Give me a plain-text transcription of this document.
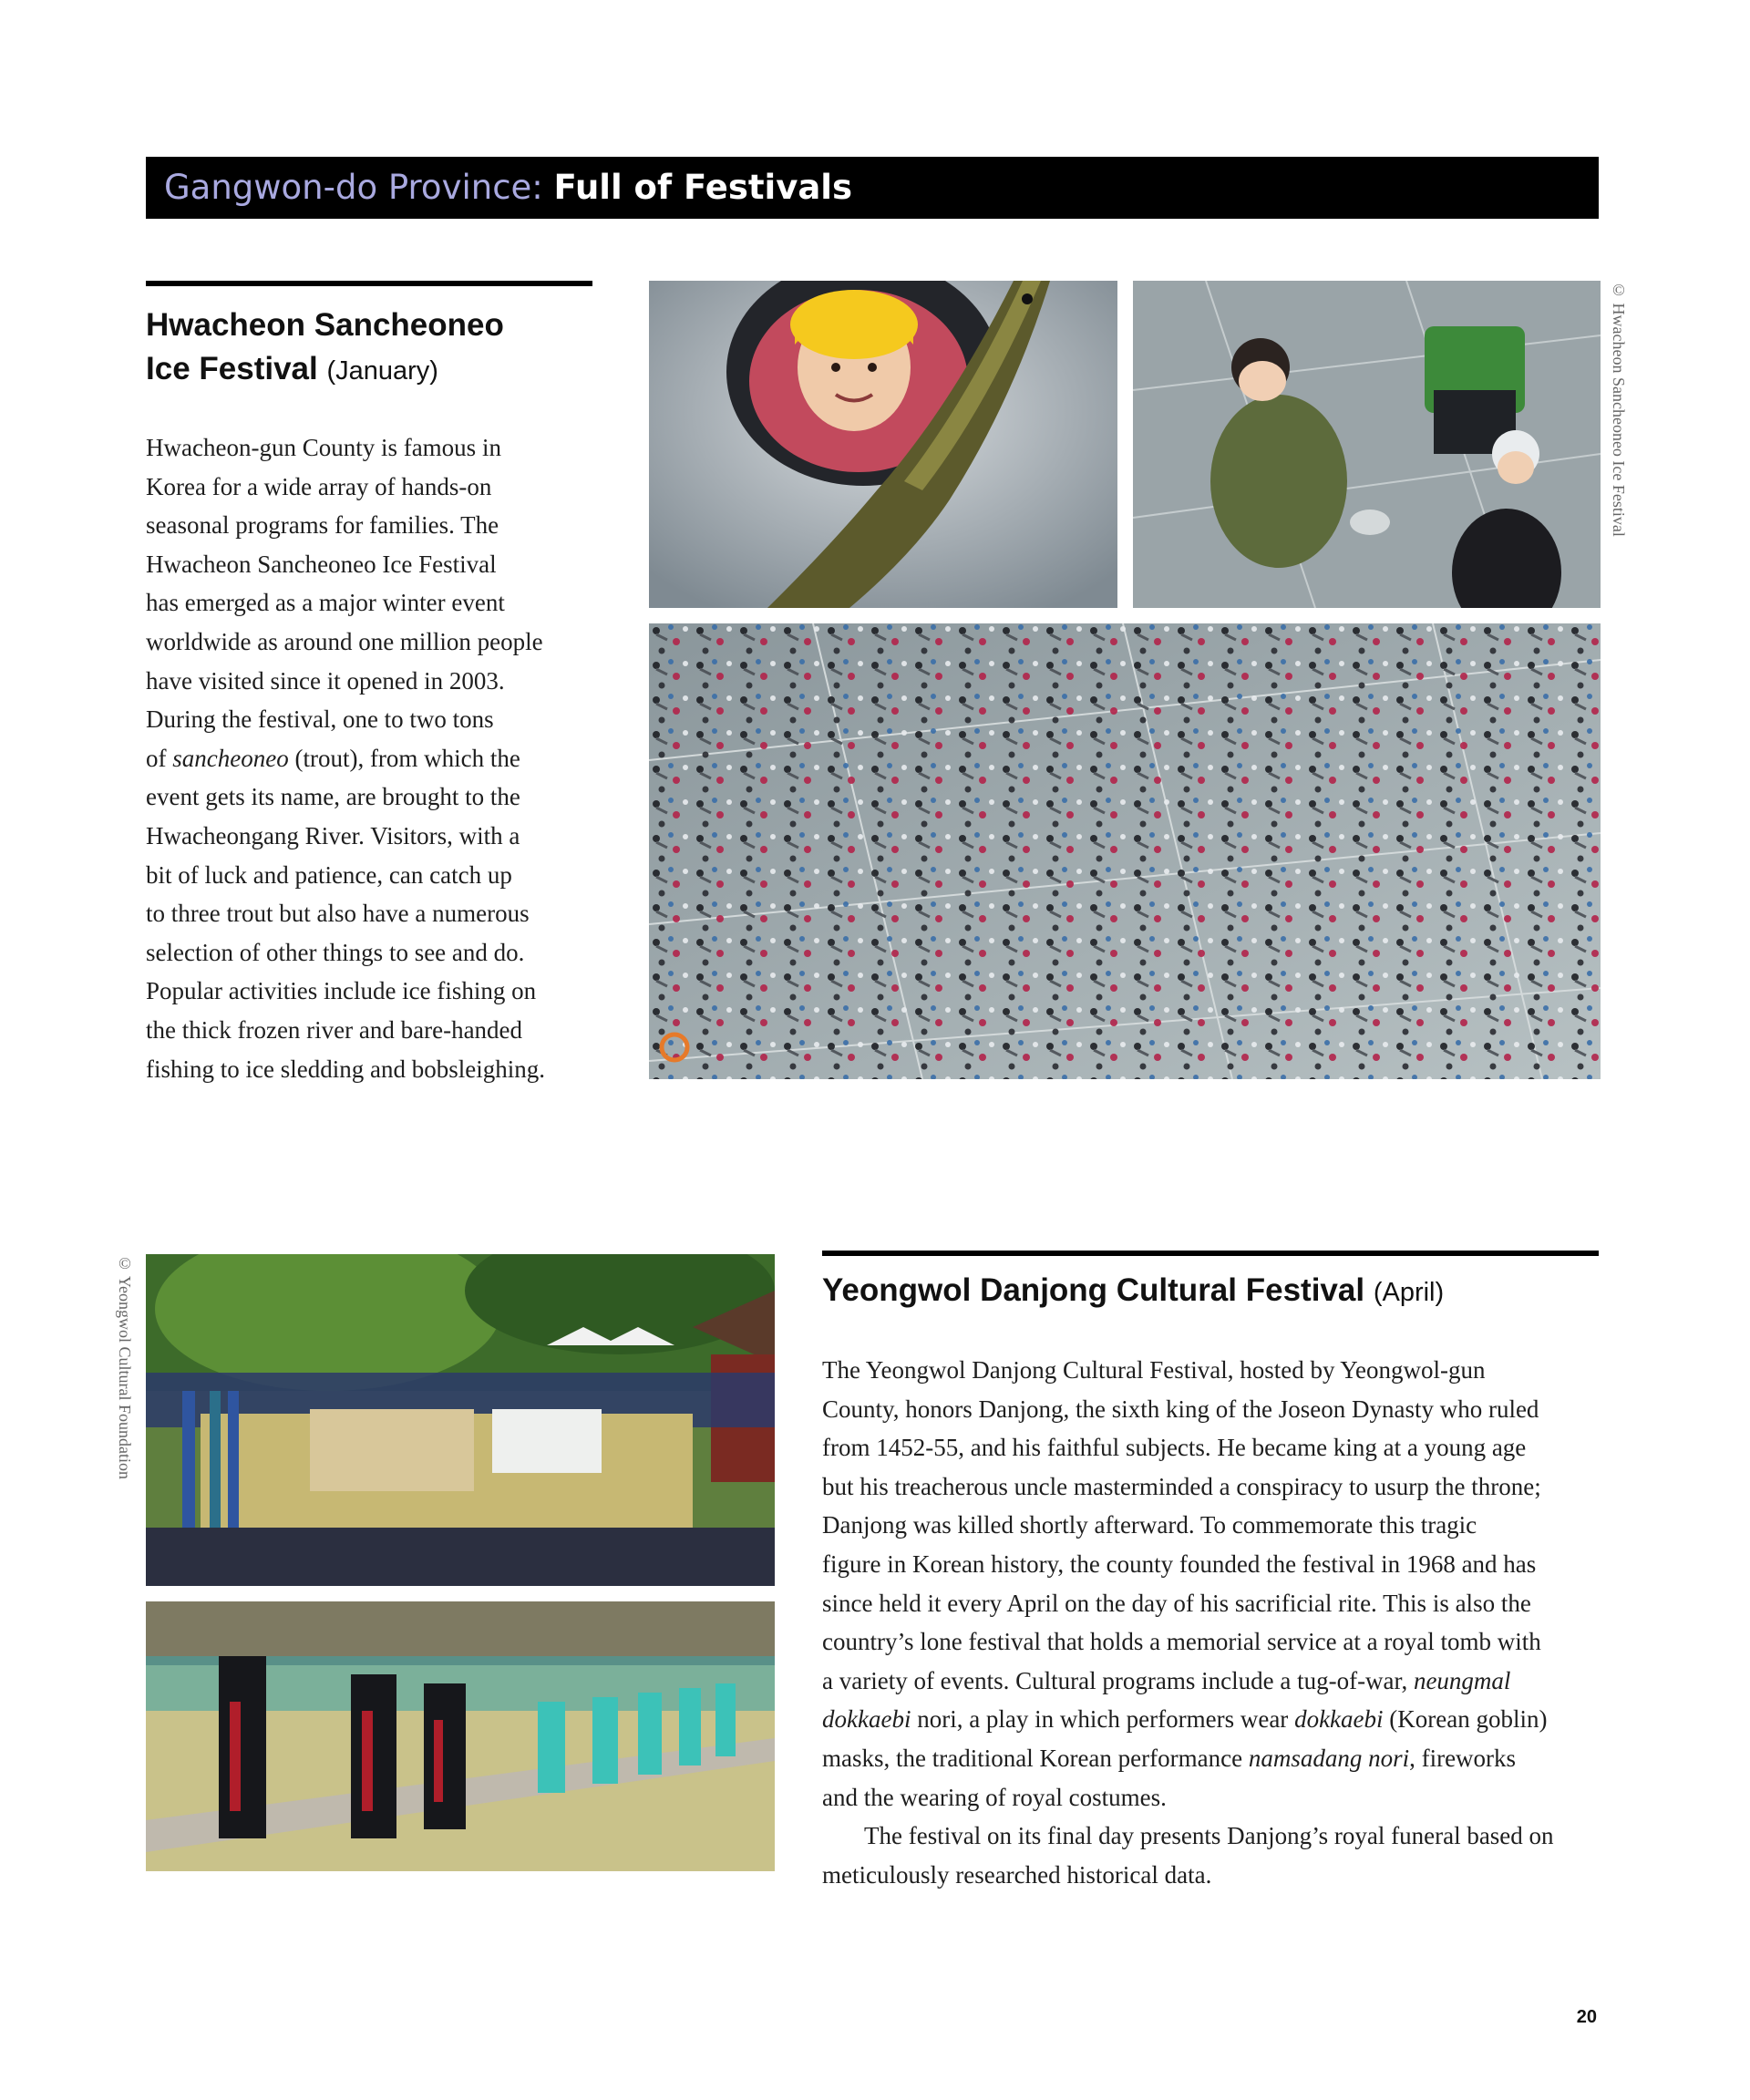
Gangwon-do Province: Full of Festivals

Hwacheon Sancheoneo

Ice Festival (January)

Hwacheon-gun County is famous in
Korea for a wide array of hands-on
seasonal programs for families. The
Hwacheon Sancheoneo Ice Festival
has emerged as a major winter event
worldwide as around one million people
have visited since it opened in 2003.
During the festival, one to two tons
of sancheoneo (trout), from which the
event gets its name, are brought to the
Hwacheongang River. Visitors, with a
bit of luck and patience, can catch up
to three trout but also have a numerous
selection of other things to see and do.
Popular activities include ice fishing on
the thick frozen river and bare-handed
fishing to ice sledding and bobsleighing.
© Hwacheon Sancheoneo Ice Festival
© Yeongwol Cultural Foundation	Yeongwol Danjong Cultural Festival (April)

The Yeongwol Danjong Cultural Festival, hosted by Yeongwol-gun
County, honors Danjong, the sixth king of the Joseon Dynasty who ruled
from 1452-55, and his faithful subjects. He became king at a young age
but his treacherous uncle masterminded a conspiracy to usurp the throne;
Danjong was killed shortly afterward. To commemorate this tragic
figure in Korean history, the county founded the festival in 1968 and has
since held it every April on the day of his sacrificial rite. This is also the
country’s lone festival that holds a memorial service at a royal tomb with
a variety of events. Cultural programs include a tug-of-war, neungmal
dokkaebi nori, a play in which performers wear dokkaebi (Korean goblin)
masks, the traditional Korean performance namsadang nori, fireworks
and the wearing of royal costumes.
The festival on its final day presents Danjong’s royal funeral based on
meticulously researched historical data.
20
